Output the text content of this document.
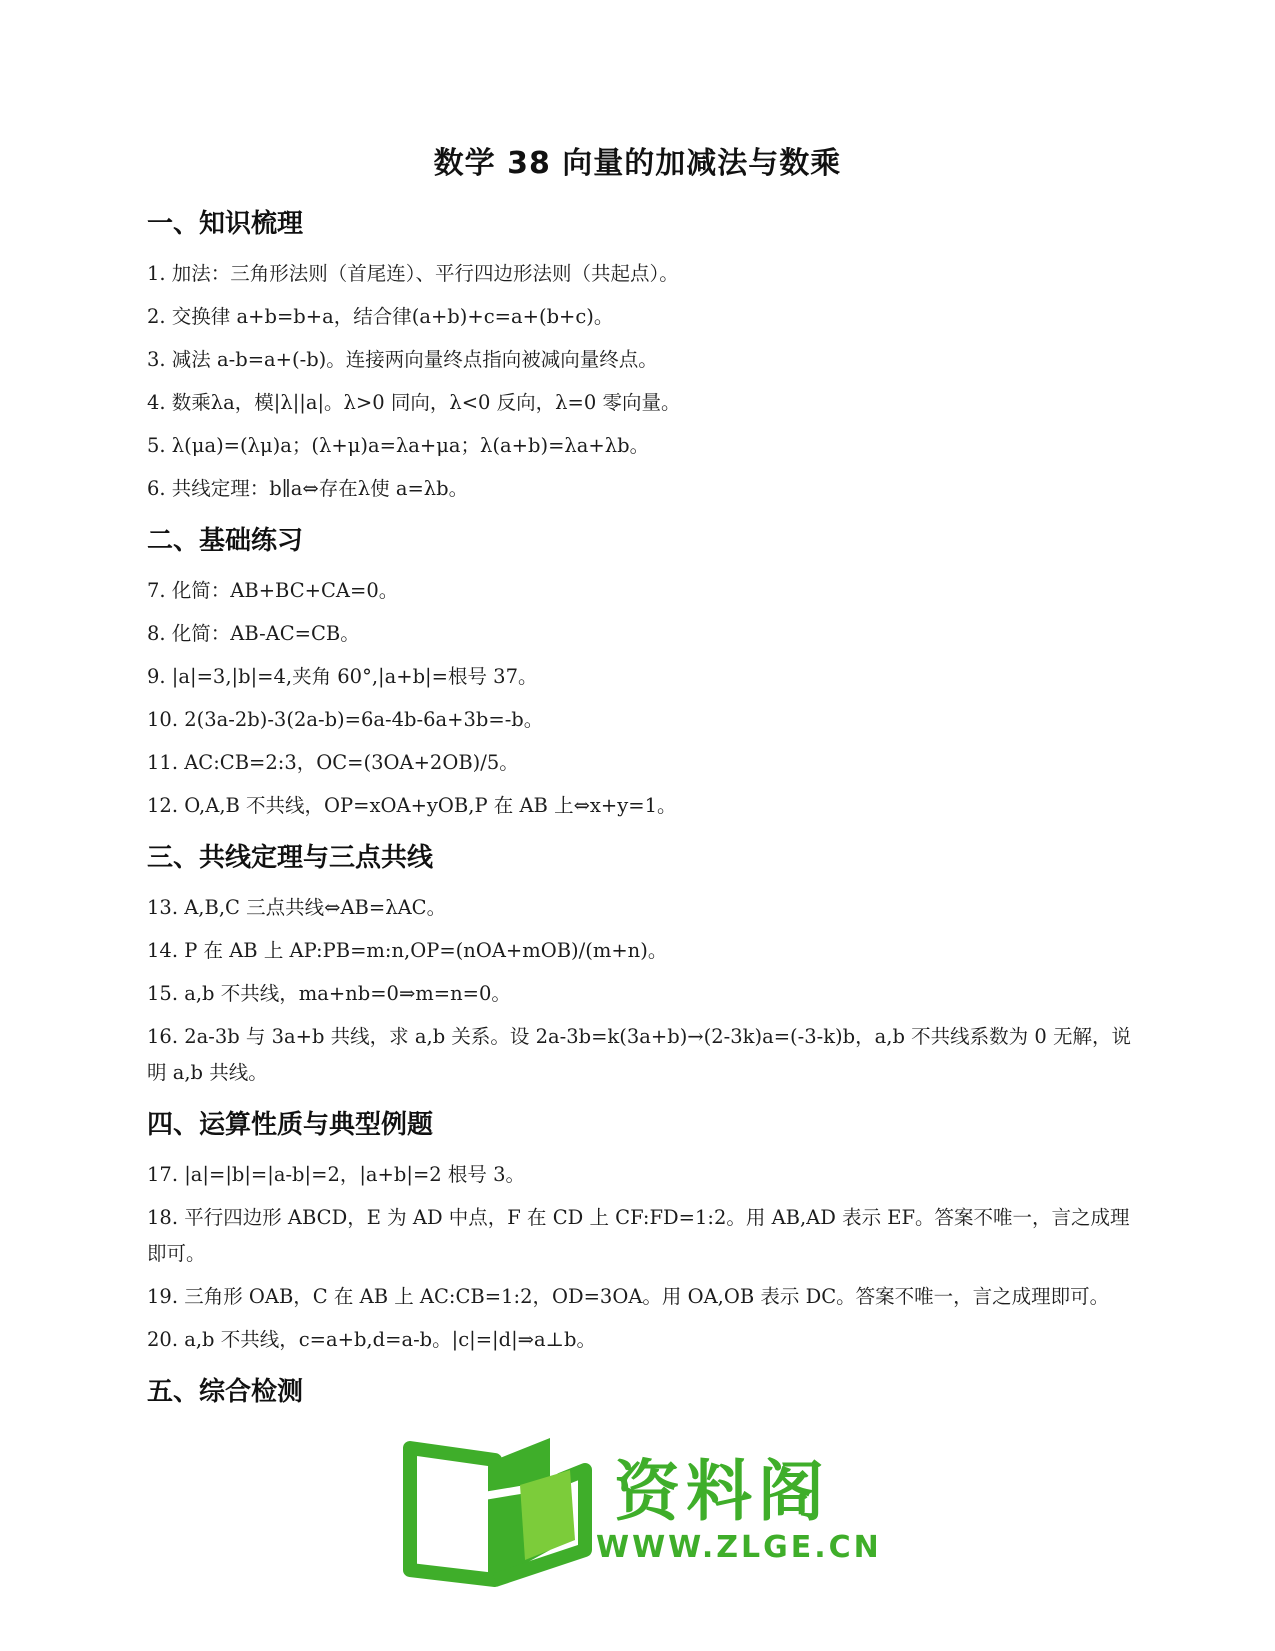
数学 38 向量的加减法与数乘
一、知识梳理
1. 加法：三角形法则（首尾连）、平行四边形法则（共起点）。
2. 交换律 a+b=b+a，结合律(a+b)+c=a+(b+c)。
3. 减法 a-b=a+(-b)。连接两向量终点指向被减向量终点。
4. 数乘λa，模|λ||a|。λ>0 同向，λ<0 反向，λ=0 零向量。
5. λ(μa)=(λμ)a；(λ+μ)a=λa+μa；λ(a+b)=λa+λb。
6. 共线定理：b∥a⇔存在λ使 a=λb。
二、基础练习
7. 化简：AB+BC+CA=0。
8. 化简：AB-AC=CB。
9. |a|=3,|b|=4,夹角 60°,|a+b|=根号 37。
10. 2(3a-2b)-3(2a-b)=6a-4b-6a+3b=-b。
11. AC:CB=2:3，OC=(3OA+2OB)/5。
12. O,A,B 不共线，OP=xOA+yOB,P 在 AB 上⇔x+y=1。
三、共线定理与三点共线
13. A,B,C 三点共线⇔AB=λAC。
14. P 在 AB 上 AP:PB=m:n,OP=(nOA+mOB)/(m+n)。
15. a,b 不共线，ma+nb=0⇒m=n=0。
16. 2a-3b 与 3a+b 共线，求 a,b 关系。设 2a-3b=k(3a+b)→(2-3k)a=(-3-k)b，a,b 不共线系数为 0 无解，说明 a,b 共线。
四、运算性质与典型例题
17. |a|=|b|=|a-b|=2，|a+b|=2 根号 3。
18. 平行四边形 ABCD，E 为 AD 中点，F 在 CD 上 CF:FD=1:2。用 AB,AD 表示 EF。答案不唯一，言之成理即可。
19. 三角形 OAB，C 在 AB 上 AC:CB=1:2，OD=3OA。用 OA,OB 表示 DC。答案不唯一，言之成理即可。
20. a,b 不共线，c=a+b,d=a-b。|c|=|d|⇒a⊥b。
五、综合检测
资料阁
WWW.ZLGE.CN
